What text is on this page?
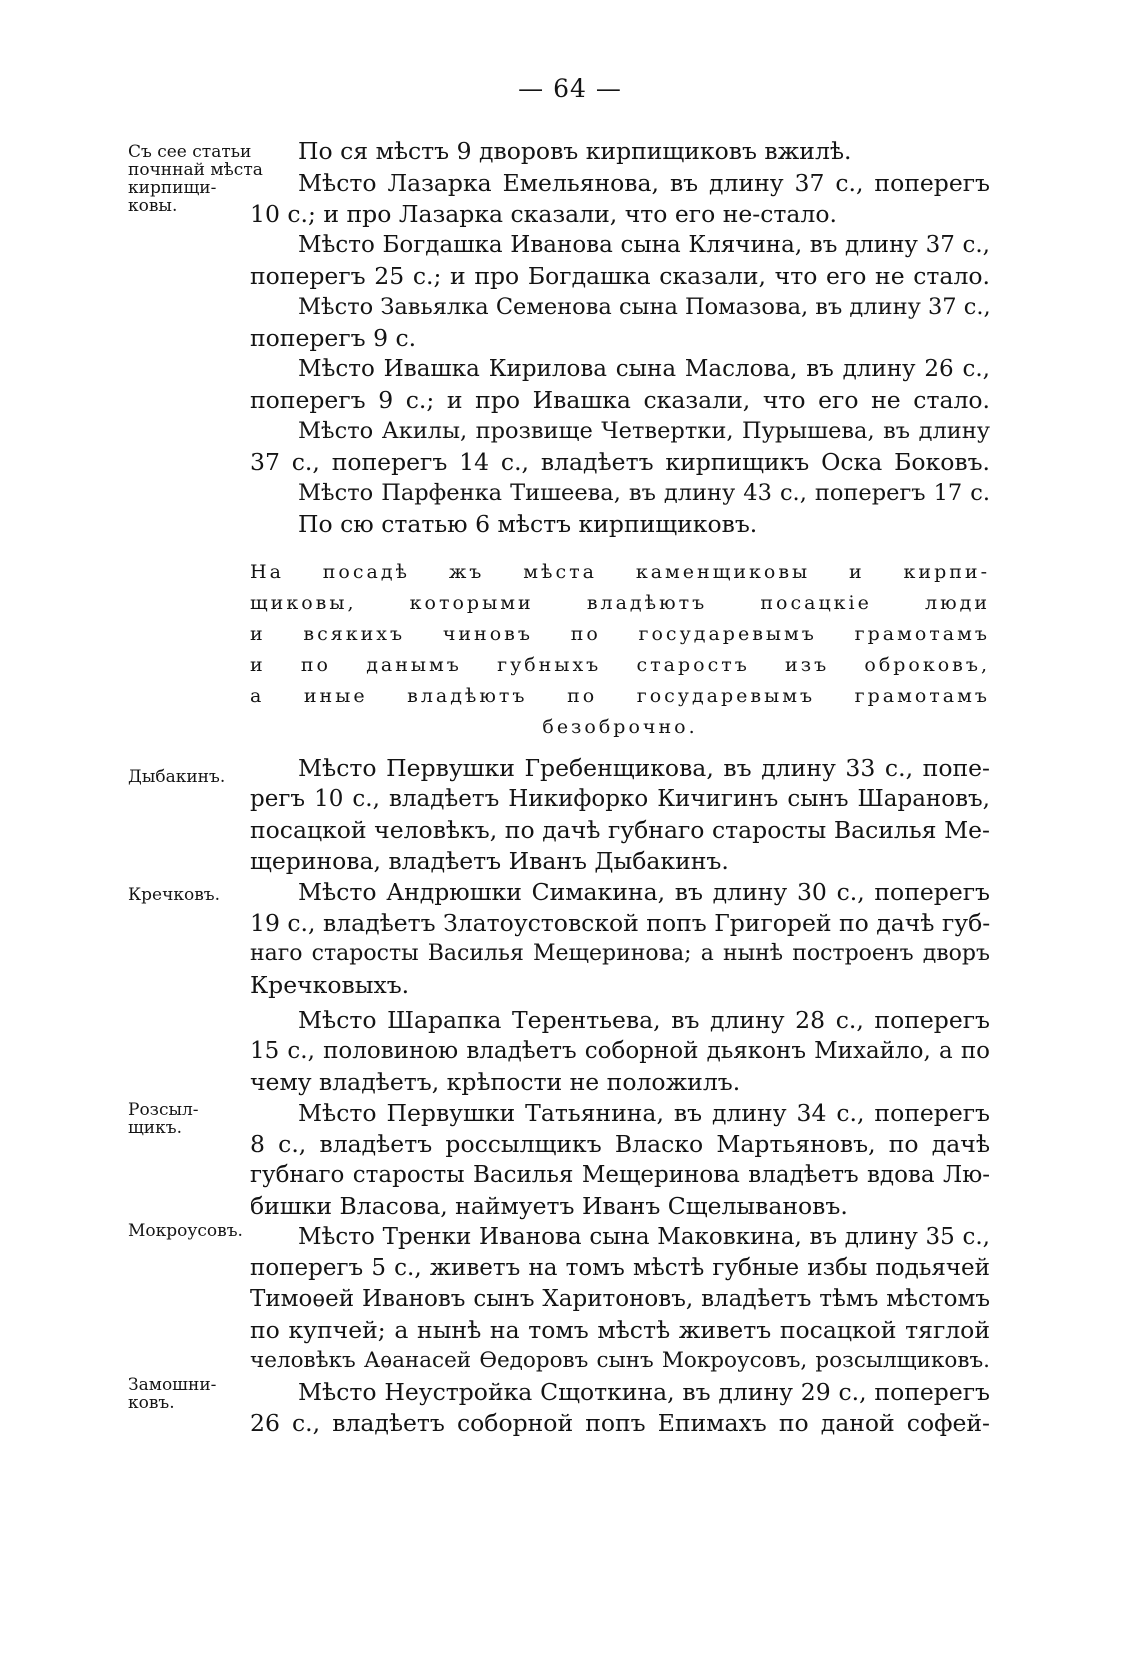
— 64 —
Съ сее статьи
почннай мѣста
кирпищи-
ковы.
Дыбакинъ.
Кречковъ.
Розсыл-
щикъ.
Мокроусовъ.
Замошни-
ковъ.
По ся мѣстъ 9 дворовъ кирпищиковъ вжилѣ.
Мѣсто Лазарка Емельянова, въ длину 37 с., поперегъ
10 с.; и про Лазарка сказали, что его не-стало.
Мѣсто Богдашка Иванова сына Клячина, въ длину 37 с.,
поперегъ 25 с.; и про Богдашка сказали, что его не стало.
Мѣсто Завьялка Семенова сына Помазова, въ длину 37 с.,
поперегъ 9 с.
Мѣсто Ивашка Кирилова сына Маслова, въ длину 26 с.,
поперегъ 9 с.; и про Ивашка сказали, что его не стало.
Мѣсто Акилы, прозвище Четвертки, Пурышева, въ длину
37 с., поперегъ 14 с., владѣетъ кирпищикъ Оска Боковъ.
Мѣсто Парфенка Тишеева, въ длину 43 с., поперегъ 17 с.
По сю статью 6 мѣстъ кирпищиковъ.
На посадѣ жъ мѣста каменщиковы и кирпи-
щиковы, которыми владѣютъ посацкіе люди
и всякихъ чиновъ по государевымъ грамотамъ
и по данымъ губныхъ старостъ изъ оброковъ,
а иные владѣютъ по государевымъ грамотамъ
безоброчно.
Мѣсто Первушки Гребенщикова, въ длину 33 с., попе-
регъ 10 с., владѣетъ Никифорко Кичигинъ сынъ Шарановъ,
посацкой человѣкъ, по дачѣ губнаго старосты Василья Ме-
щеринова, владѣетъ Иванъ Дыбакинъ.
Мѣсто Андрюшки Симакина, въ длину 30 с., поперегъ
19 с., владѣетъ Златоустовской попъ Григорей по дачѣ губ-
наго старосты Василья Мещеринова; а нынѣ построенъ дворъ
Кречковыхъ.
Мѣсто Шарапка Терентьева, въ длину 28 с., поперегъ
15 с., половиною владѣетъ соборной дьяконъ Михайло, а по
чему владѣетъ, крѣпости не положилъ.
Мѣсто Первушки Татьянина, въ длину 34 с., поперегъ
8 с., владѣетъ россылщикъ Власко Мартьяновъ, по дачѣ
губнаго старосты Василья Мещеринова владѣетъ вдова Лю-
бишки Власова, наймуетъ Иванъ Сщелывановъ.
Мѣсто Тренки Иванова сына Маковкина, въ длину 35 с.,
поперегъ 5 с., живетъ на томъ мѣстѣ губные избы подьячей
Тимоѳей Ивановъ сынъ Харитоновъ, владѣетъ тѣмъ мѣстомъ
по купчей; а нынѣ на томъ мѣстѣ живетъ посацкой тяглой
человѣкъ Аѳанасей Ѳедоровъ сынъ Мокроусовъ, розсылщиковъ.
Мѣсто Неустройка Сщоткина, въ длину 29 с., поперегъ
26 с., владѣетъ соборной попъ Епимахъ по даной софей-
